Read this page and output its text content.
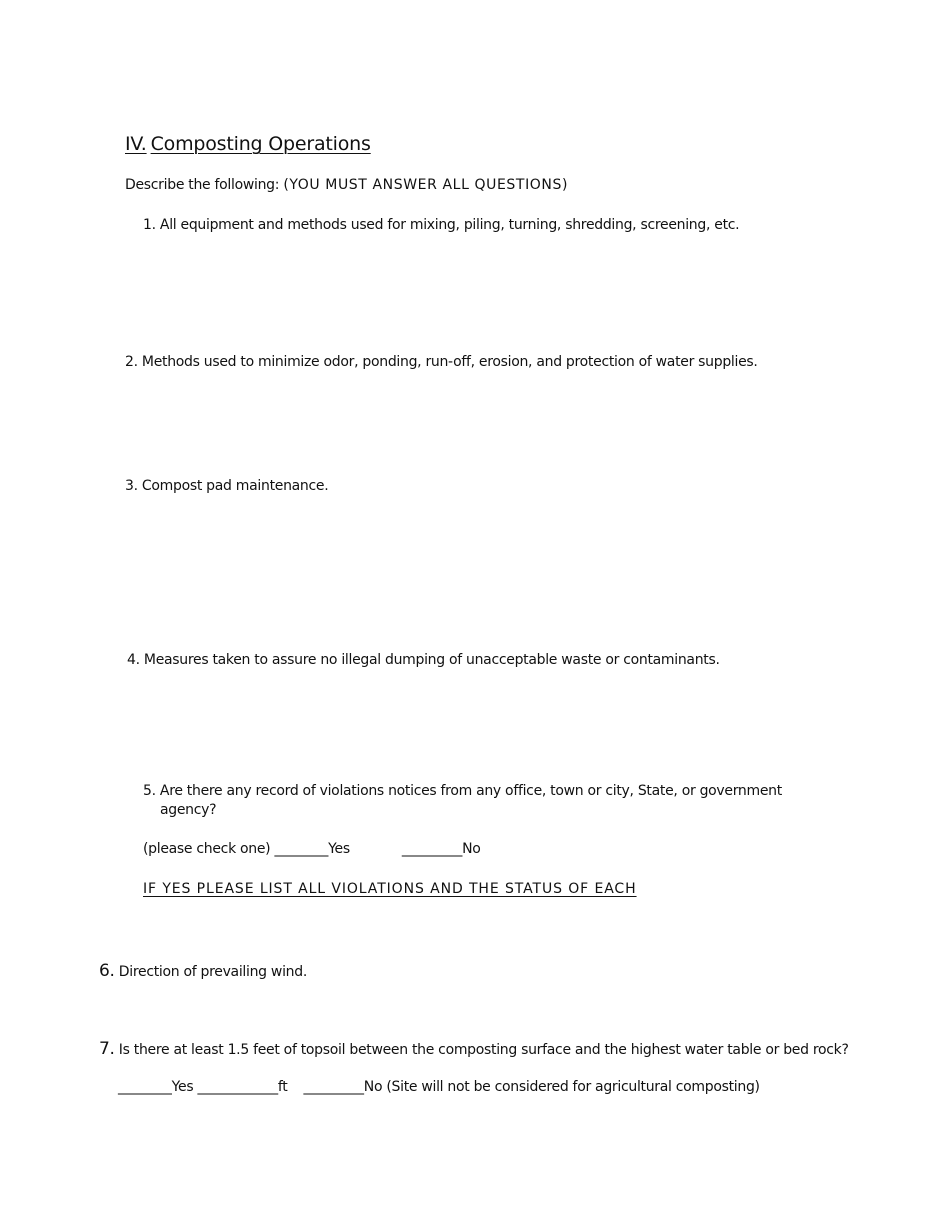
IV. Composting Operations
Describe the following: (YOU MUST ANSWER ALL QUESTIONS)
1. All equipment and methods used for mixing, piling, turning, shredding, screening, etc.
2. Methods used to minimize odor, ponding, run-off, erosion, and protection of water supplies.
3. Compost pad maintenance.
4. Measures taken to assure no illegal dumping of unacceptable waste or contaminants.
5. Are there any record of violations notices from any office, town or city, State, or government
agency?
(please check one) ________Yes	_________No
IF YES PLEASE LIST ALL VIOLATIONS AND THE STATUS OF EACH
6. Direction of prevailing wind.
7. Is there at least 1.5 feet of topsoil between the composting surface and the highest water table or bed rock?
________Yes ____________ft _________No (Site will not be considered for agricultural composting)
